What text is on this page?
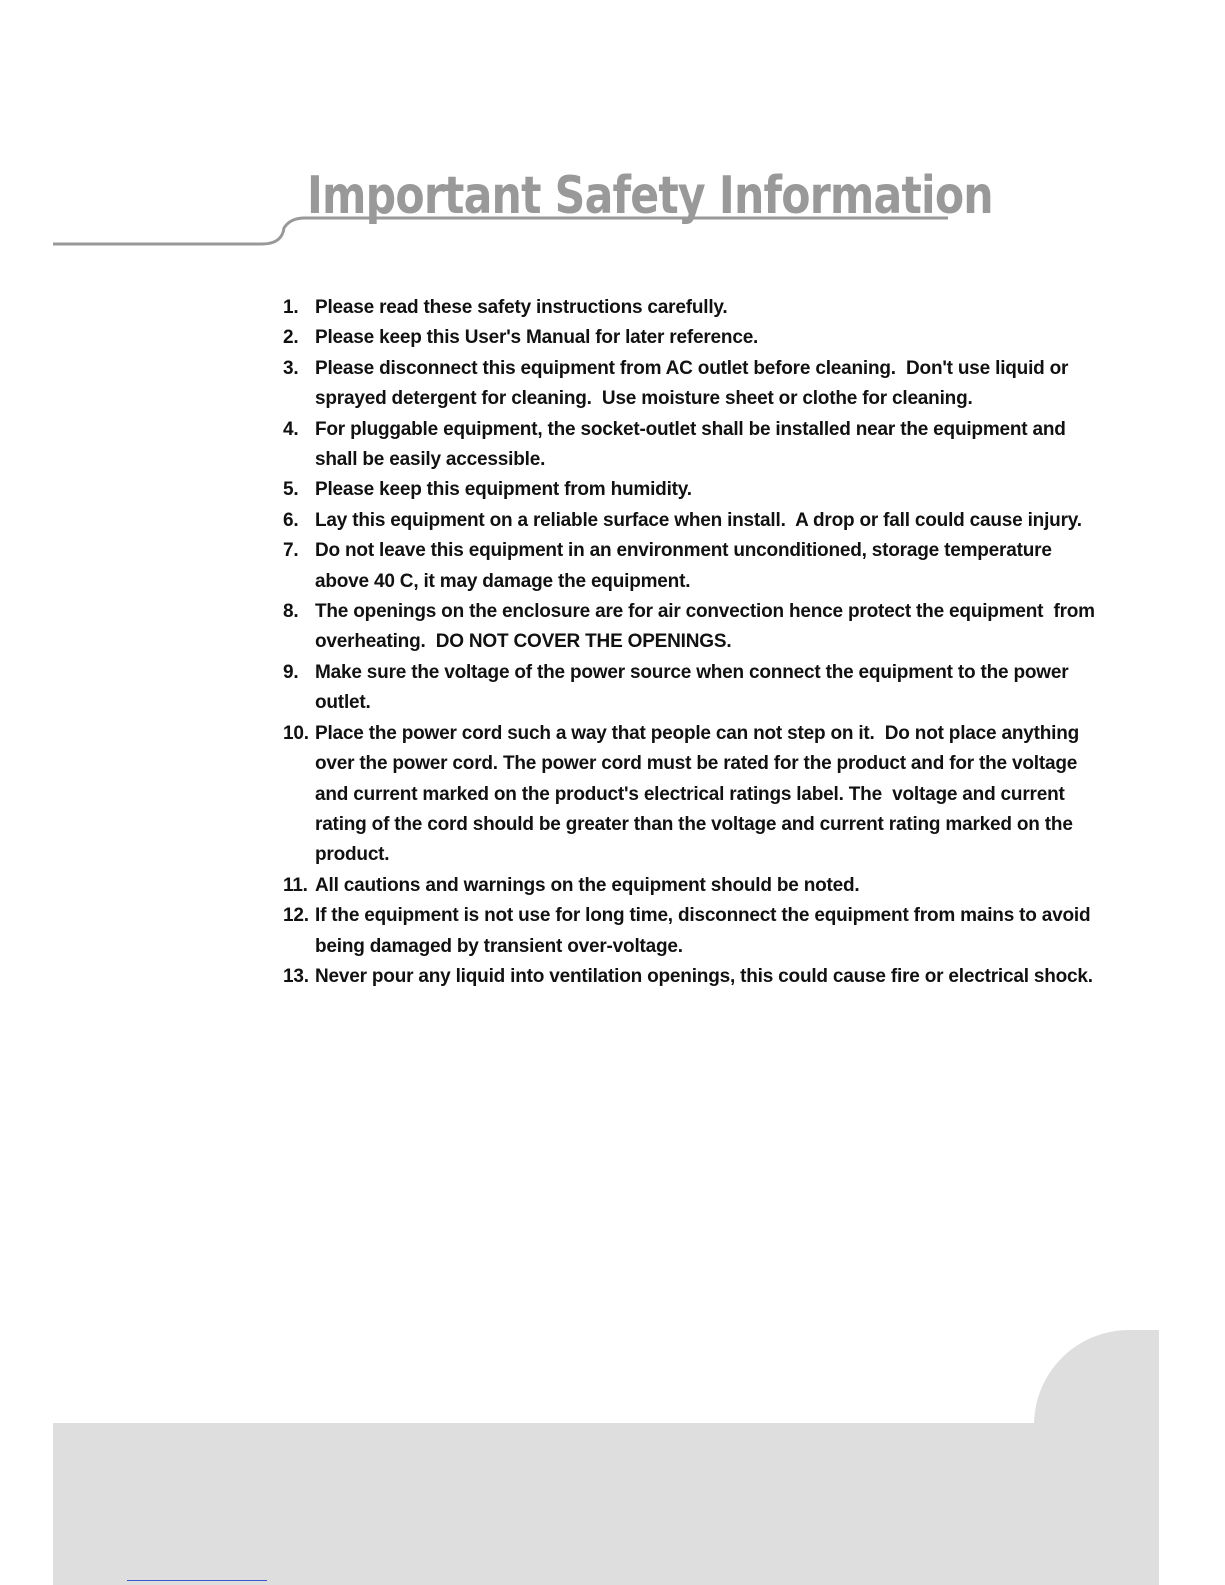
Important Safety Information
1. Please read these safety instructions carefully.
2. Please keep this User's Manual for later reference.
3. Please disconnect this equipment from AC outlet before cleaning.  Don't use liquid or sprayed detergent for cleaning.  Use moisture sheet or clothe for cleaning.
4. For pluggable equipment, the socket-outlet shall be installed near the equipment and shall be easily accessible.
5. Please keep this equipment from humidity.
6. Lay this equipment on a reliable surface when install.  A drop or fall could cause injury.
7. Do not leave this equipment in an environment unconditioned, storage temperature above 40 C, it may damage the equipment.
8. The openings on the enclosure are for air convection hence protect the equipment  from overheating.  DO NOT COVER THE OPENINGS.
9. Make sure the voltage of the power source when connect the equipment to the power outlet.
10. Place the power cord such a way that people can not step on it.  Do not place anything over the power cord. The power cord must be rated for the product and for the voltage and current marked on the product's electrical ratings label. The  voltage and current rating of the cord should be greater than the voltage and current rating marked on the product.
11. All cautions and warnings on the equipment should be noted.
12. If the equipment is not use for long time, disconnect the equipment from mains to avoid being damaged by transient over-voltage.
13. Never pour any liquid into ventilation openings, this could cause fire or electrical shock.
